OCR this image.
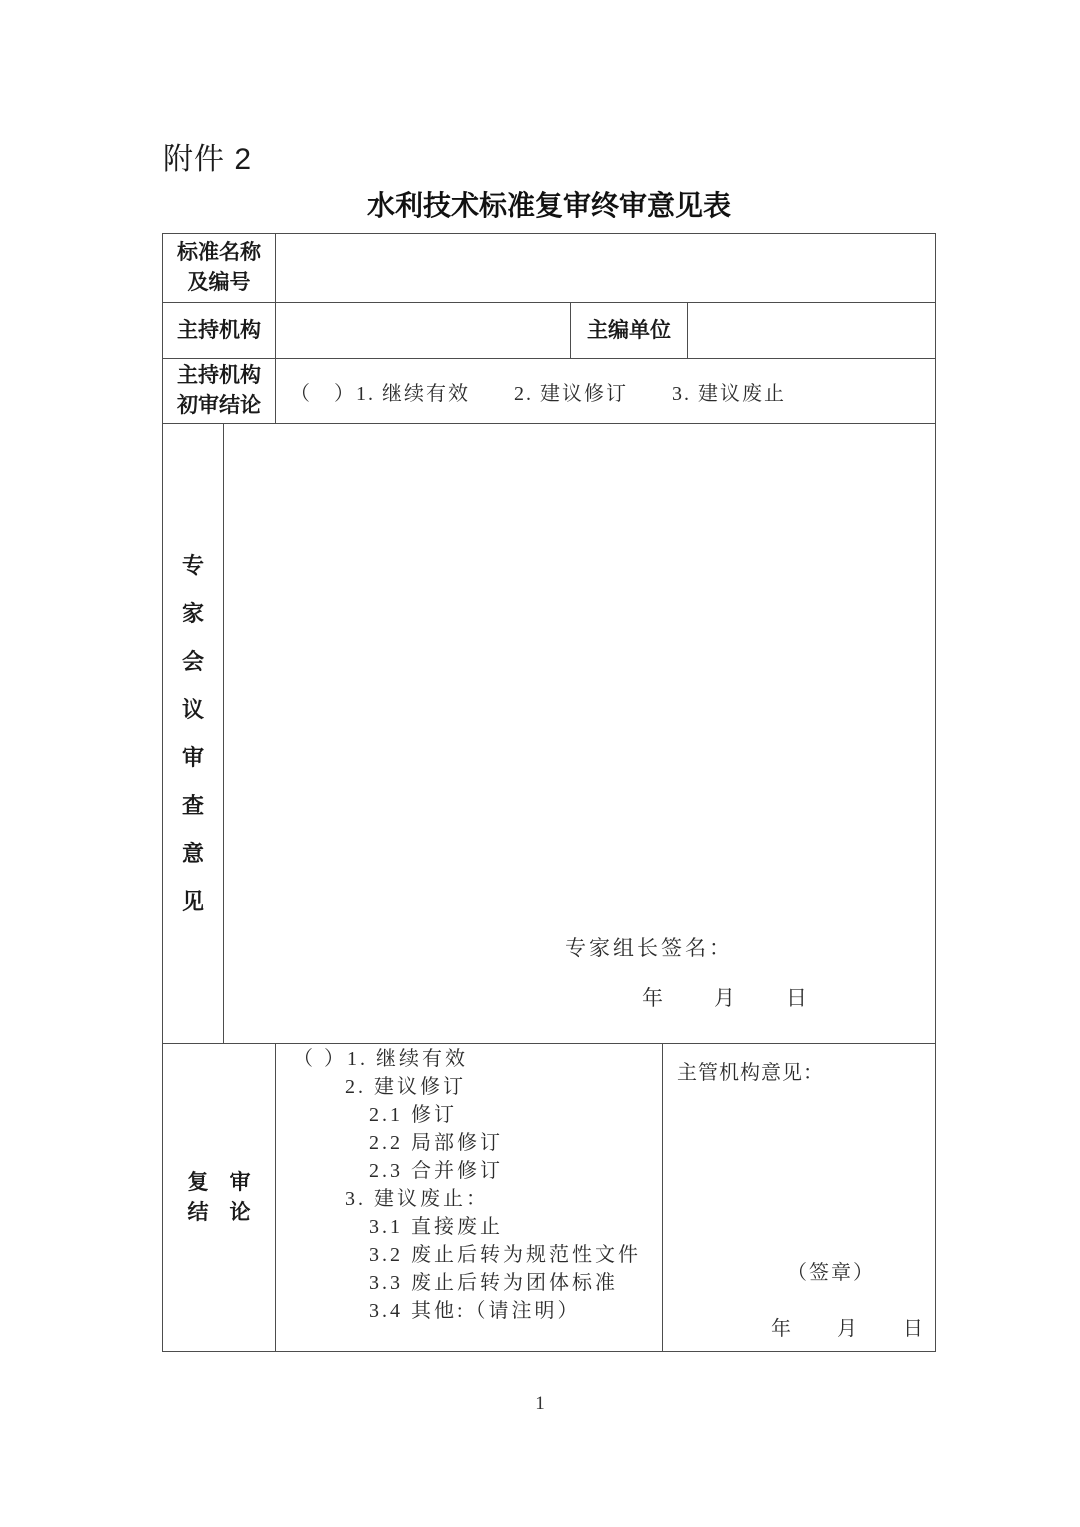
附件 2
水利技术标准复审终审意见表
标准名称
及编号
主持机构	主编单位
主持机构
初审结论
（　）1. 继续有效　　2. 建议修订　　3. 建议废止
专
家
会
议
审
查
意
见
专家组长签名：
年　　月　　日
复　审
结　论
（ ）1. 继续有效
2. 建议修订
2.1 修订
2.2 局部修订
2.3 合并修订
3. 建议废止：
3.1 直接废止
3.2 废止后转为规范性文件
3.3 废止后转为团体标准
3.4 其他:（请注明）
主管机构意见：
（签章）
年　　月　　日
1
